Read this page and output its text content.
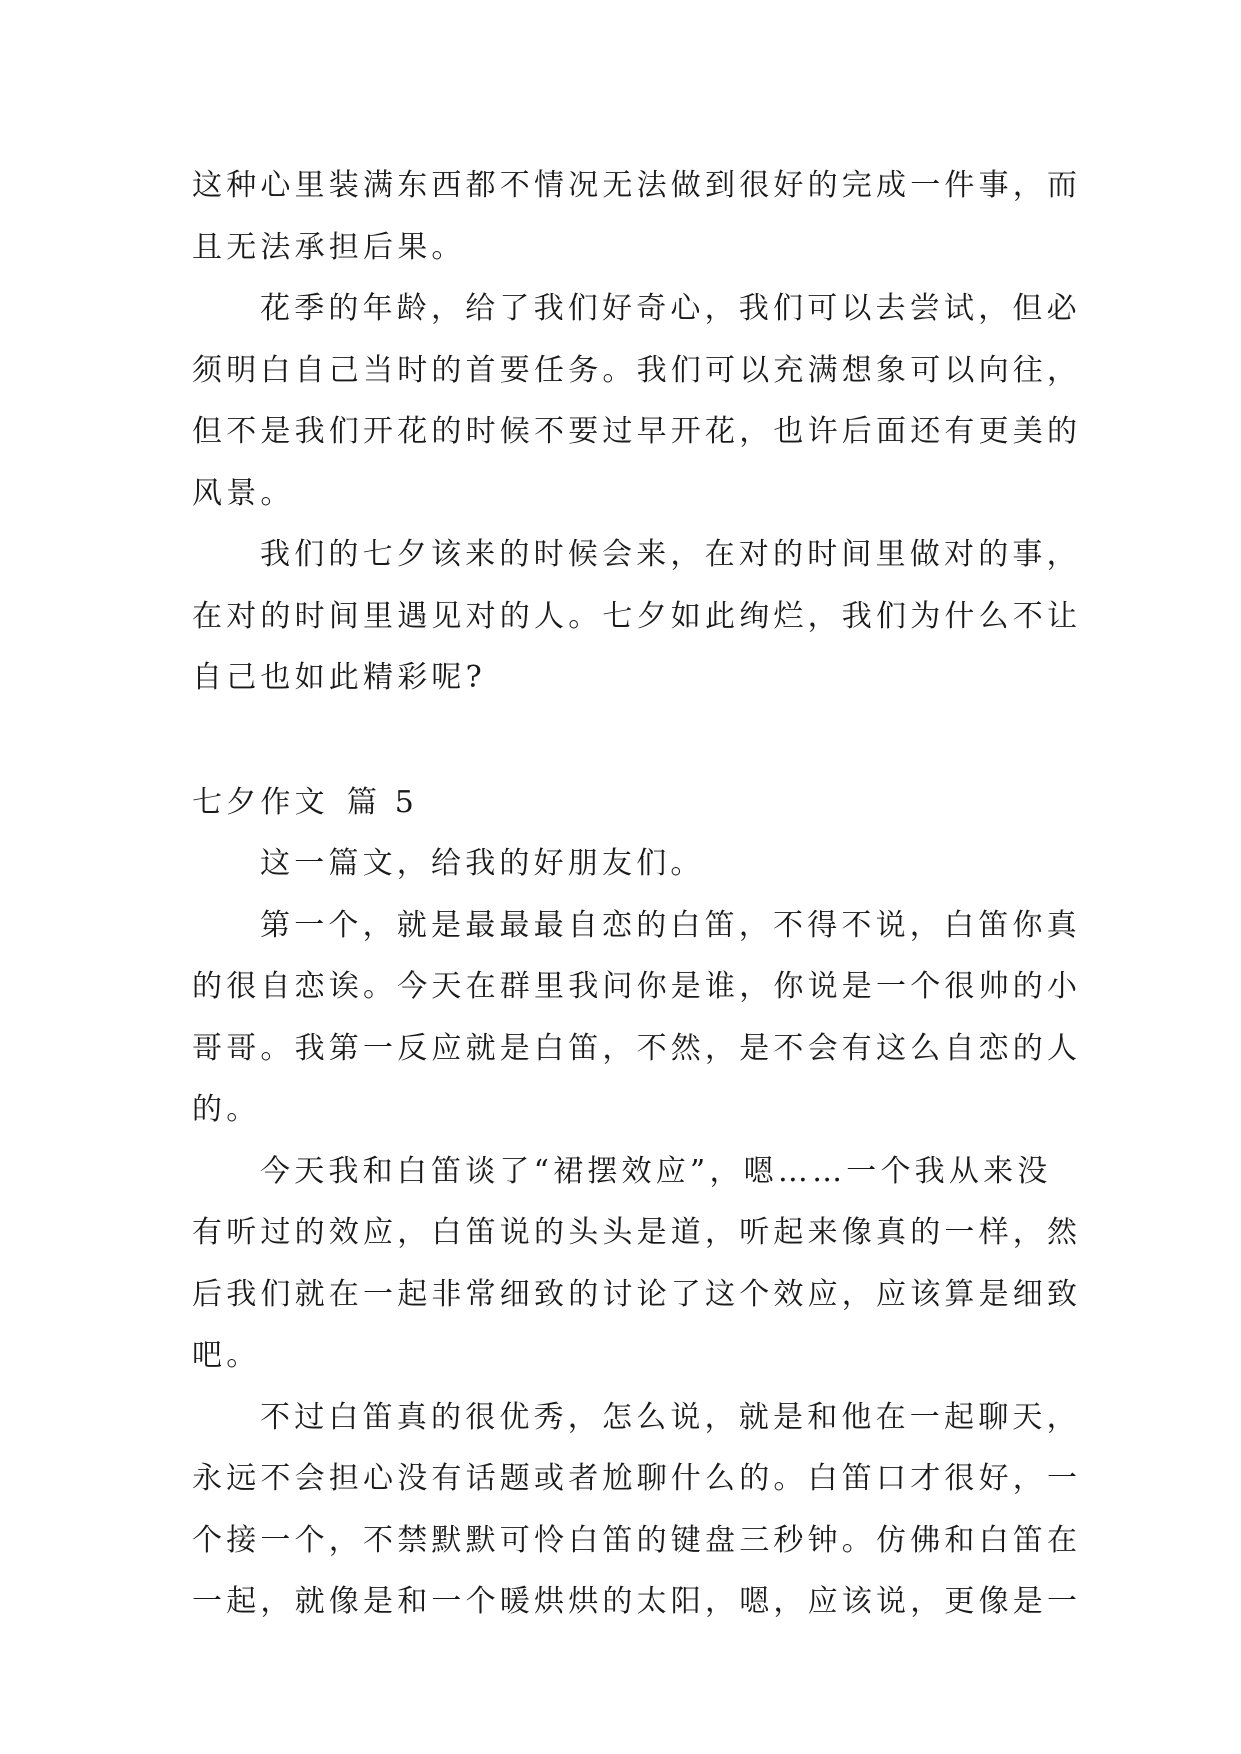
这种心里装满东西都不情况无法做到很好的完成一件事，而
且无法承担后果。

花季的年龄，给了我们好奇心，我们可以去尝试，但必
须明白自己当时的首要任务。我们可以充满想象可以向往，
但不是我们开花的时候不要过早开花，也许后面还有更美的
风景。

我们的七夕该来的时候会来，在对的时间里做对的事，
在对的时间里遇见对的人。七夕如此绚烂，我们为什么不让
自己也如此精彩呢?

七夕作文 篇 5

这一篇文，给我的好朋友们。

第一个，就是最最最自恋的白笛，不得不说，白笛你真
的很自恋诶。今天在群里我问你是谁，你说是一个很帅的小
哥哥。我第一反应就是白笛，不然，是不会有这么自恋的人
的。

今天我和白笛谈了“裙摆效应”，嗯……一个我从来没
有听过的效应，白笛说的头头是道，听起来像真的一样，然
后我们就在一起非常细致的讨论了这个效应，应该算是细致
吧。

不过白笛真的很优秀，怎么说，就是和他在一起聊天，
永远不会担心没有话题或者尬聊什么的。白笛口才很好，一
个接一个，不禁默默可怜白笛的键盘三秒钟。仿佛和白笛在
一起，就像是和一个暖烘烘的太阳，嗯，应该说，更像是一
